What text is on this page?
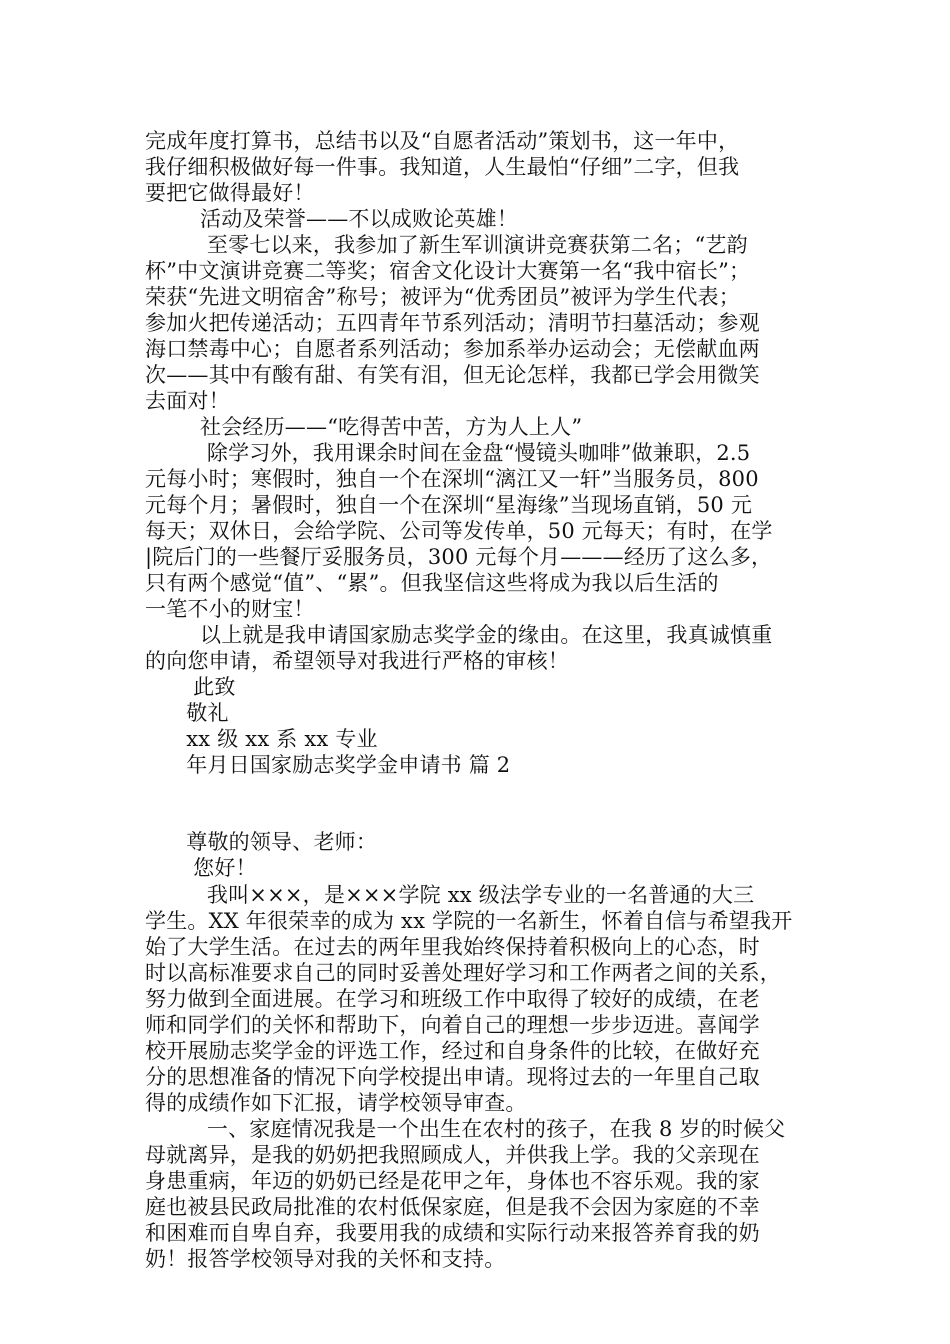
完成年度打算书，总结书以及“自愿者活动”策划书，这一年中，
我仔细积极做好每一件事。我知道，人生最怕“仔细”二字，但我
要把它做得最好！
活动及荣誉——不以成败论英雄！
至零七以来，我参加了新生军训演讲竞赛获第二名；“艺韵
杯”中文演讲竞赛二等奖；宿舍文化设计大赛第一名“我中宿长”；
荣获“先进文明宿舍”称号；被评为“优秀团员”被评为学生代表；
参加火把传递活动；五四青年节系列活动；清明节扫墓活动；参观
海口禁毒中心；自愿者系列活动；参加系举办运动会；无偿献血两
次——其中有酸有甜、有笑有泪，但无论怎样，我都已学会用微笑
去面对！
社会经历——“吃得苦中苦，方为人上人”
除学习外，我用课余时间在金盘“慢镜头咖啡”做兼职，2.5
元每小时；寒假时，独自一个在深圳“漓江又一轩”当服务员，800
元每个月；暑假时，独自一个在深圳“星海缘”当现场直销，50 元
每天；双休日，会给学院、公司等发传单，50 元每天；有时，在学
|院后门的一些餐厅妥服务员，300 元每个月———经历了这么多，
只有两个感觉“值”、“累”。但我坚信这些将成为我以后生活的
一笔不小的财宝！
以上就是我申请国家励志奖学金的缘由。在这里，我真诚慎重
的向您申请，希望领导对我进行严格的审核！
此致
敬礼
xx 级 xx 系 xx 专业
年月日国家励志奖学金申请书 篇 2
尊敬的领导、老师：
您好！
我叫×××，是×××学院 xx 级法学专业的一名普通的大三
学生。XX 年很荣幸的成为 xx 学院的一名新生，怀着自信与希望我开
始了大学生活。在过去的两年里我始终保持着积极向上的心态，时
时以高标准要求自己的同时妥善处理好学习和工作两者之间的关系，
努力做到全面进展。在学习和班级工作中取得了较好的成绩，在老
师和同学们的关怀和帮助下，向着自己的理想一步步迈进。喜闻学
校开展励志奖学金的评选工作，经过和自身条件的比较，在做好充
分的思想准备的情况下向学校提出申请。现将过去的一年里自己取
得的成绩作如下汇报，请学校领导审查。
一、家庭情况我是一个出生在农村的孩子，在我 8 岁的时候父
母就离异，是我的奶奶把我照顾成人，并供我上学。我的父亲现在
身患重病，年迈的奶奶已经是花甲之年，身体也不容乐观。我的家
庭也被县民政局批准的农村低保家庭，但是我不会因为家庭的不幸
和困难而自卑自弃，我要用我的成绩和实际行动来报答养育我的奶
奶！报答学校领导对我的关怀和支持。
